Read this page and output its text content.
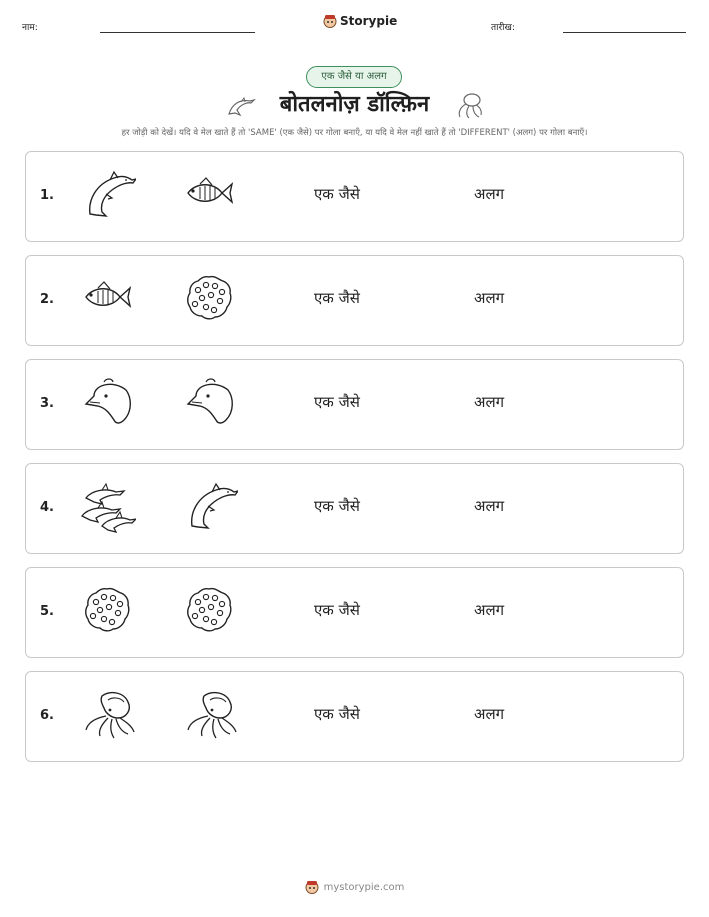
नाम:	Storypie	तारीख:
एक जैसे या अलग
बोतलनोज़ डॉल्फ़िन
हर जोड़ी को देखें। यदि वे मेल खाते हैं तो 'SAME' (एक जैसे) पर गोला बनाएँ, या यदि वे मेल नहीं खाते हैं तो 'DIFFERENT' (अलग) पर गोला बनाएँ।
1.	एक जैसे	अलग
2.	एक जैसे	अलग
3.	एक जैसे	अलग
4.	एक जैसे	अलग
5.	एक जैसे	अलग
6.	एक जैसे	अलग
mystorypie.com
